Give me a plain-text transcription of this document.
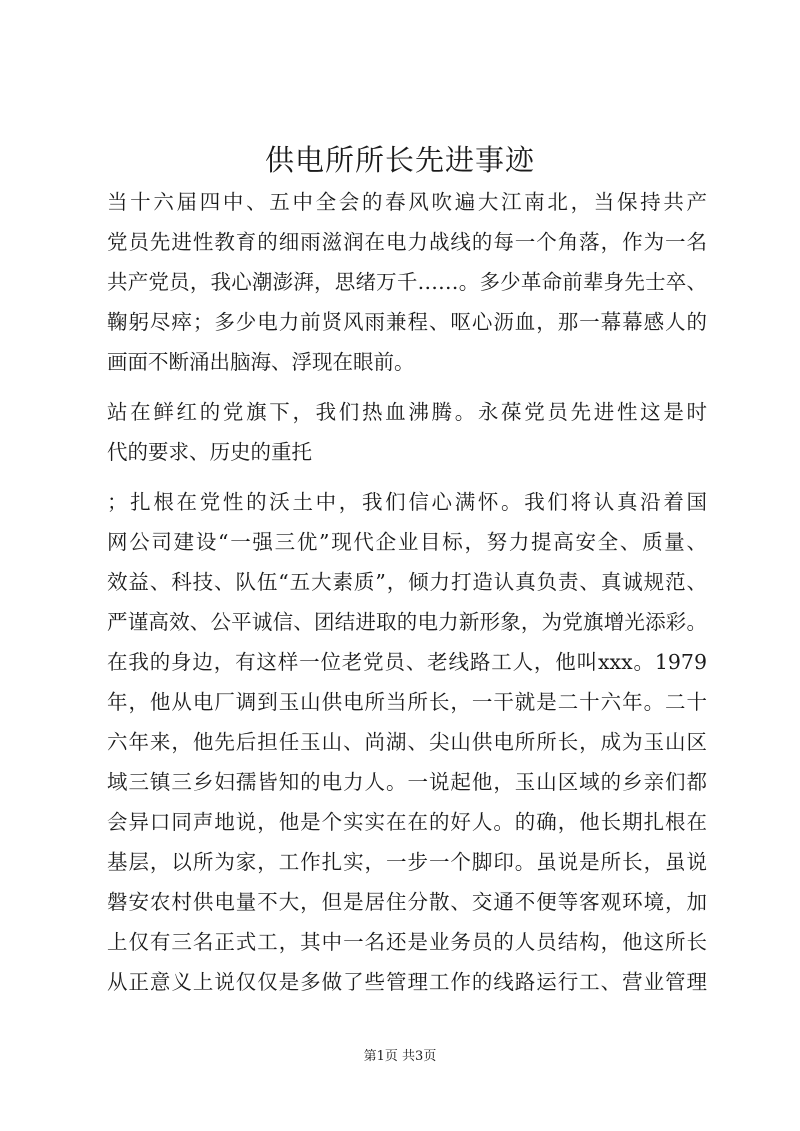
供电所所长先进事迹
当十六届四中、五中全会的春风吹遍大江南北，当保持共产
党员先进性教育的细雨滋润在电力战线的每一个角落，作为一名
共产党员，我心潮澎湃，思绪万千……。多少革命前辈身先士卒、
鞠躬尽瘁；多少电力前贤风雨兼程、呕心沥血，那一幕幕感人的
画面不断涌出脑海、浮现在眼前。
站在鲜红的党旗下，我们热血沸腾。永葆党员先进性这是时
代的要求、历史的重托
；扎根在党性的沃土中，我们信心满怀。我们将认真沿着国
网公司建设“一强三优”现代企业目标，努力提高安全、质量、
效益、科技、队伍“五大素质”，倾力打造认真负责、真诚规范、
严谨高效、公平诚信、团结进取的电力新形象，为党旗增光添彩。
在我的身边，有这样一位老党员、老线路工人，他叫xxx。1979
年，他从电厂调到玉山供电所当所长，一干就是二十六年。二十
六年来，他先后担任玉山、尚湖、尖山供电所所长，成为玉山区
域三镇三乡妇孺皆知的电力人。一说起他，玉山区域的乡亲们都
会异口同声地说，他是个实实在在的好人。的确，他长期扎根在
基层，以所为家，工作扎实，一步一个脚印。虽说是所长，虽说
磐安农村供电量不大，但是居住分散、交通不便等客观环境，加
上仅有三名正式工，其中一名还是业务员的人员结构，他这所长
从正意义上说仅仅是多做了些管理工作的线路运行工、营业管理
第1页 共3页
